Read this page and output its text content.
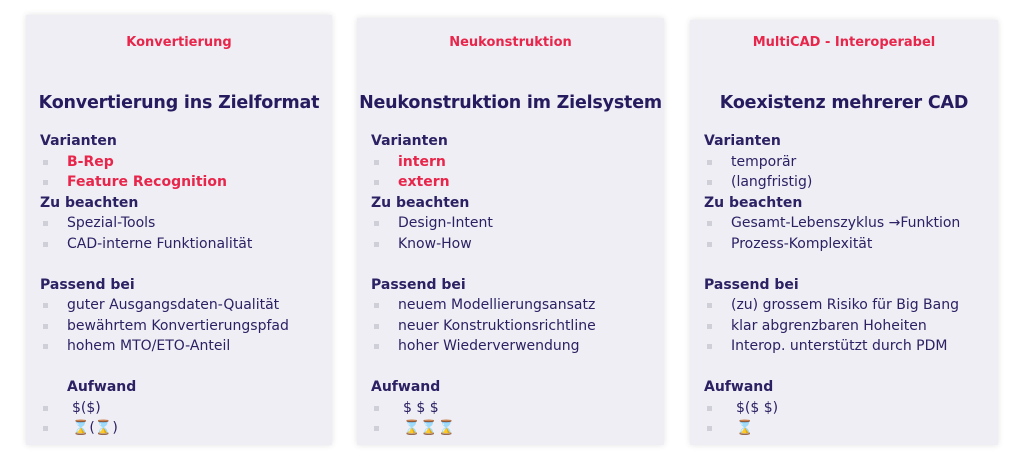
Konvertierung
Konvertierung ins Zielformat
Varianten
B-Rep
Feature Recognition
Zu beachten
Spezial-Tools
CAD-interne Funktionalität
Passend bei
guter Ausgangsdaten-Qualität
bewährtem Konvertierungspfad
hohem MTO/ETO-Anteil
Aufwand
$($)
⌛(⌛)
Neukonstruktion
Neukonstruktion im Zielsystem
Varianten
intern
extern
Zu beachten
Design-Intent
Know-How
Passend bei
neuem Modellierungsansatz
neuer Konstruktionsrichtline
hoher Wiederverwendung
Aufwand
$ $ $
⌛⌛⌛
MultiCAD - Interoperabel
Koexistenz mehrerer CAD
Varianten
temporär
(langfristig)
Zu beachten
Gesamt-Lebenszyklus →Funktion
Prozess-Komplexität
Passend bei
(zu) grossem Risiko für Big Bang
klar abgrenzbaren Hoheiten
Interop. unterstützt durch PDM
Aufwand
$($ $)
⌛
